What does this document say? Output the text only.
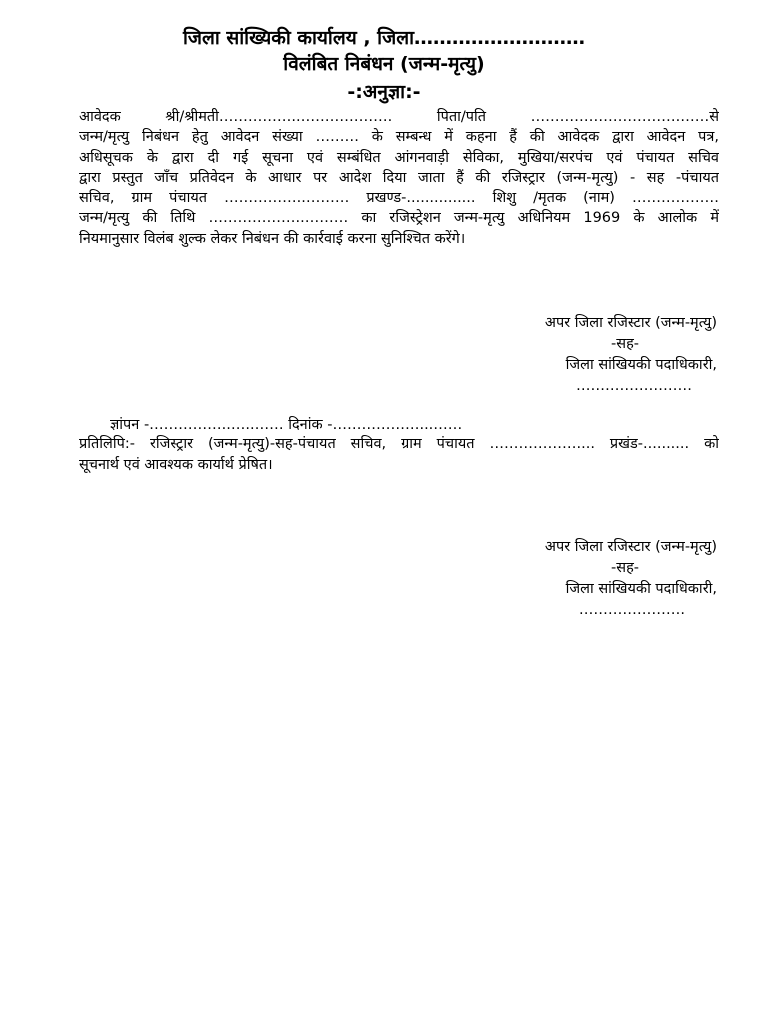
जिला सांख्यिकी कार्यालय , जिला………………………
विलंबित निबंधन (जन्म-मृत्यु)
-:अनुज्ञा:-
आवेदक श्री/श्रीमती……………..………………. पिता/पति ………………………….……से
जन्म/मृत्यु निबंधन हेतु आवेदन संख्या ……… के सम्बन्ध में कहना हैं की आवेदक द्वारा आवेदन पत्र,
अधिसूचक के द्वारा दी गई सूचना एवं सम्बंधित आंगनवाड़ी सेविका, मुखिया/सरपंच एवं पंचायत सचिव
द्वारा प्रस्तुत जाँच प्रतिवेदन के आधार पर आदेश दिया जाता हैं की रजिस्ट्रार (जन्म-मृत्यु) - सह -पंचायत
सचिव, ग्राम पंचायत ……………..……… प्रखण्ड-............... शिशु /मृतक (नाम) ………………
जन्म/मृत्यु की तिथि ………………..……… का रजिस्ट्रेशन जन्म-मृत्यु अधिनियम 1969 के आलोक में
नियमानुसार विलंब शुल्क लेकर निबंधन की कार्रवाई करना सुनिश्चित करेंगे।
अपर जिला रजिस्टार (जन्म-मृत्यु)
-सह-
जिला सांखियकी पदाधिकारी,
……………………
ज्ञांपन -……………..…..…… दिनांक -………………...……
प्रतिलिपि:- रजिस्ट्रार (जन्म-मृत्यु)-सह-पंचायत सचिव, ग्राम पंचायत ……………….... प्रखंड-.......... को
सूचनार्थ एवं आवश्यक कार्यार्थ प्रेषित।
अपर जिला रजिस्टार (जन्म-मृत्यु)
-सह-
जिला सांखियकी पदाधिकारी,
………………….
